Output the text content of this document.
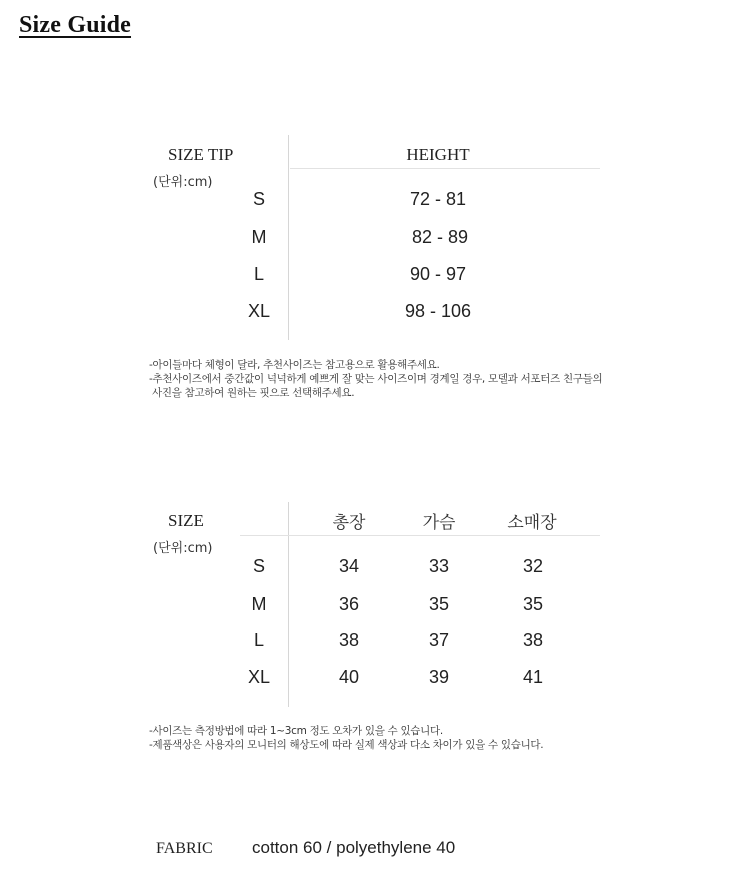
Size Guide
SIZE TIP
(단위:cm)
HEIGHT
S	72 - 81
M	82 - 89
L	90 - 97
XL	98 - 106
-아이들마다 체형이 달라, 추천사이즈는 참고용으로 활용해주세요.
-추천사이즈에서 중간값이 넉넉하게 예쁘게 잘 맞는 사이즈이며 경계일 경우, 모델과 서포터즈 친구들의
사진을 참고하여 원하는 핏으로 선택해주세요.
SIZE
(단위:cm)
총장	가슴	소매장
S	34	33	32
M	36	35	35
L	38	37	38
XL	40	39	41
-사이즈는 측정방법에 따라 1~3cm 정도 오차가 있을 수 있습니다.
-제품색상은 사용자의 모니터의 해상도에 따라 실제 색상과 다소 차이가 있을 수 있습니다.
FABRIC cotton 60 / polyethylene 40
